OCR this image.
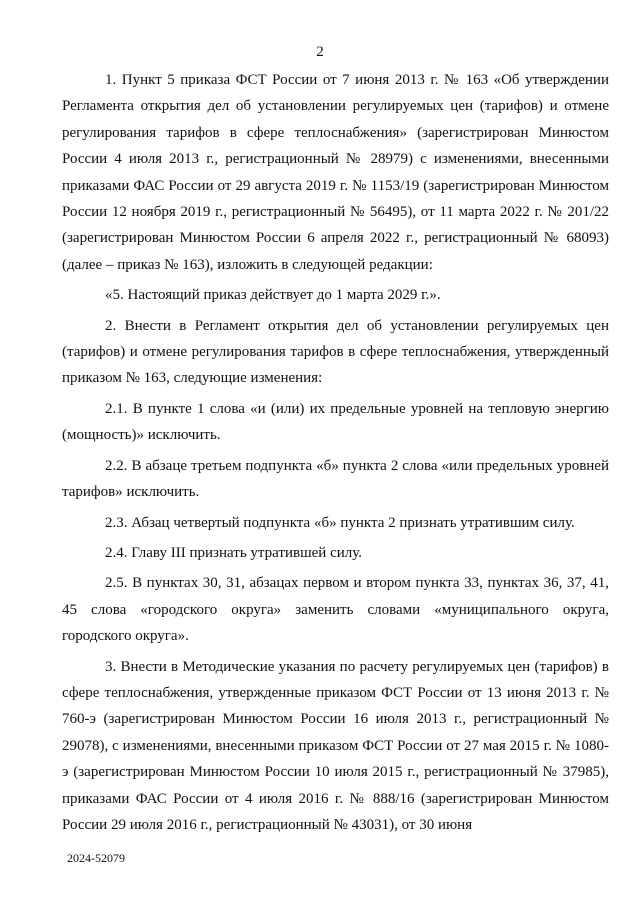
2

1. Пункт 5 приказа ФСТ России от 7 июня 2013 г. № 163 «Об утверждении Регламента открытия дел об установлении регулируемых цен (тарифов) и отмене регулирования тарифов в сфере теплоснабжения» (зарегистрирован Минюстом России 4 июля 2013 г., регистрационный № 28979) с изменениями, внесенными приказами ФАС России от 29 августа 2019 г. № 1153/19 (зарегистрирован Минюстом России 12 ноября 2019 г., регистрационный № 56495), от 11 марта 2022 г. № 201/22 (зарегистрирован Минюстом России 6 апреля 2022 г., регистрационный № 68093) (далее – приказ № 163), изложить в следующей редакции:

«5. Настоящий приказ действует до 1 марта 2029 г.».

2. Внести в Регламент открытия дел об установлении регулируемых цен (тарифов) и отмене регулирования тарифов в сфере теплоснабжения, утвержденный приказом № 163, следующие изменения:

2.1. В пункте 1 слова «и (или) их предельные уровней на тепловую энергию (мощность)» исключить.

2.2. В абзаце третьем подпункта «б» пункта 2 слова «или предельных уровней тарифов» исключить.

2.3. Абзац четвертый подпункта «б» пункта 2 признать утратившим силу.

2.4. Главу III признать утратившей силу.

2.5. В пунктах 30, 31, абзацах первом и втором пункта 33, пунктах 36, 37, 41, 45 слова «городского округа» заменить словами «муниципального округа, городского округа».

3. Внести в Методические указания по расчету регулируемых цен (тарифов) в сфере теплоснабжения, утвержденные приказом ФСТ России от 13 июня 2013 г. № 760-э (зарегистрирован Минюстом России 16 июля 2013 г., регистрационный № 29078), с изменениями, внесенными приказом ФСТ России от 27 мая 2015 г. № 1080-э (зарегистрирован Минюстом России 10 июля 2015 г., регистрационный № 37985), приказами ФАС России от 4 июля 2016 г. № 888/16 (зарегистрирован Минюстом России 29 июля 2016 г., регистрационный № 43031), от 30 июня

2024-52079
